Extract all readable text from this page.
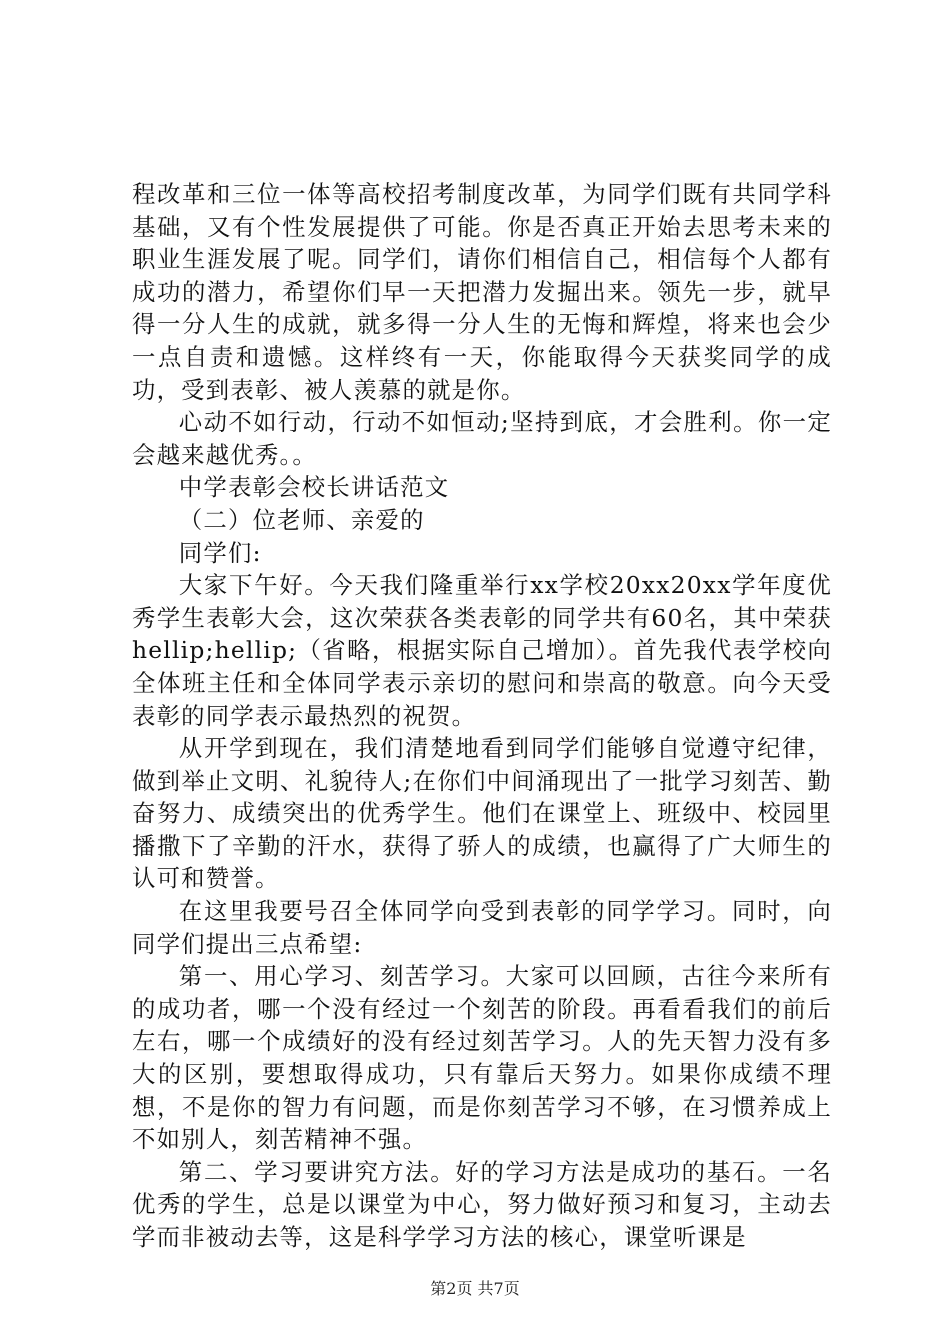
程改革和三位一体等高校招考制度改革，为同学们既有共同学科基础，又有个性发展提供了可能。你是否真正开始去思考未来的职业生涯发展了呢。同学们，请你们相信自己，相信每个人都有成功的潜力，希望你们早一天把潜力发掘出来。领先一步，就早得一分人生的成就，就多得一分人生的无悔和辉煌，将来也会少一点自责和遗憾。这样终有一天，你能取得今天获奖同学的成功，受到表彰、被人羡慕的就是你。

心动不如行动，行动不如恒动;坚持到底，才会胜利。你一定会越来越优秀。。

中学表彰会校长讲话范文

（二）位老师、亲爱的

同学们:

大家下午好。今天我们隆重举行xx学校20xx20xx学年度优秀学生表彰大会，这次荣获各类表彰的同学共有60名，其中荣获hellip;hellip;（省略，根据实际自己增加）。首先我代表学校向全体班主任和全体同学表示亲切的慰问和崇高的敬意。向今天受表彰的同学表示最热烈的祝贺。

从开学到现在，我们清楚地看到同学们能够自觉遵守纪律，做到举止文明、礼貌待人;在你们中间涌现出了一批学习刻苦、勤奋努力、成绩突出的优秀学生。他们在课堂上、班级中、校园里播撒下了辛勤的汗水，获得了骄人的成绩，也赢得了广大师生的认可和赞誉。

在这里我要号召全体同学向受到表彰的同学学习。同时，向同学们提出三点希望:

第一、用心学习、刻苦学习。大家可以回顾，古往今来所有的成功者，哪一个没有经过一个刻苦的阶段。再看看我们的前后左右，哪一个成绩好的没有经过刻苦学习。人的先天智力没有多大的区别，要想取得成功，只有靠后天努力。如果你成绩不理想，不是你的智力有问题，而是你刻苦学习不够，在习惯养成上不如别人，刻苦精神不强。

第二、学习要讲究方法。好的学习方法是成功的基石。一名优秀的学生，总是以课堂为中心，努力做好预习和复习，主动去学而非被动去等，这是科学学习方法的核心，课堂听课是

第2页 共7页
